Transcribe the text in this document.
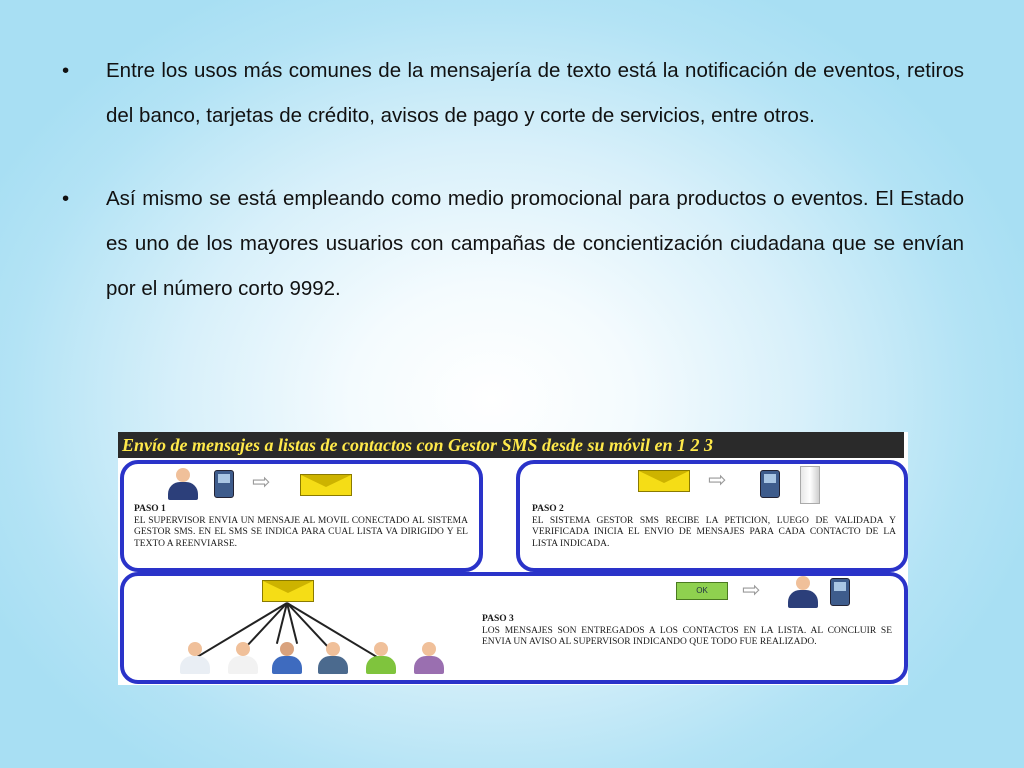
•	Entre los usos más comunes de la mensajería de texto está la notificación de eventos, retiros del banco, tarjetas de crédito, avisos de pago y corte de servicios, entre otros.
•	Así mismo se está empleando como medio promocional para productos o eventos. El Estado es uno de los mayores usuarios con campañas de concientización ciudadana que se envían por el número corto 9992.
Envío de mensajes a listas de contactos con Gestor SMS desde su móvil en 1 2 3
⇨
PASO 1
EL SUPERVISOR ENVIA UN MENSAJE AL MOVIL CONECTADO AL SISTEMA GESTOR SMS. EN EL SMS SE INDICA PARA CUAL LISTA VA DIRIGIDO Y EL TEXTO A REENVIARSE.
⇨
PASO 2
EL SISTEMA GESTOR SMS RECIBE LA PETICION, LUEGO DE VALIDADA Y VERIFICADA INICIA EL ENVIO DE MENSAJES PARA CADA CONTACTO DE LA LISTA INDICADA.
OK	⇨
PASO 3
LOS MENSAJES SON ENTREGADOS A LOS CONTACTOS EN LA LISTA. AL CONCLUIR SE ENVIA UN AVISO AL SUPERVISOR INDICANDO QUE TODO FUE REALIZADO.
